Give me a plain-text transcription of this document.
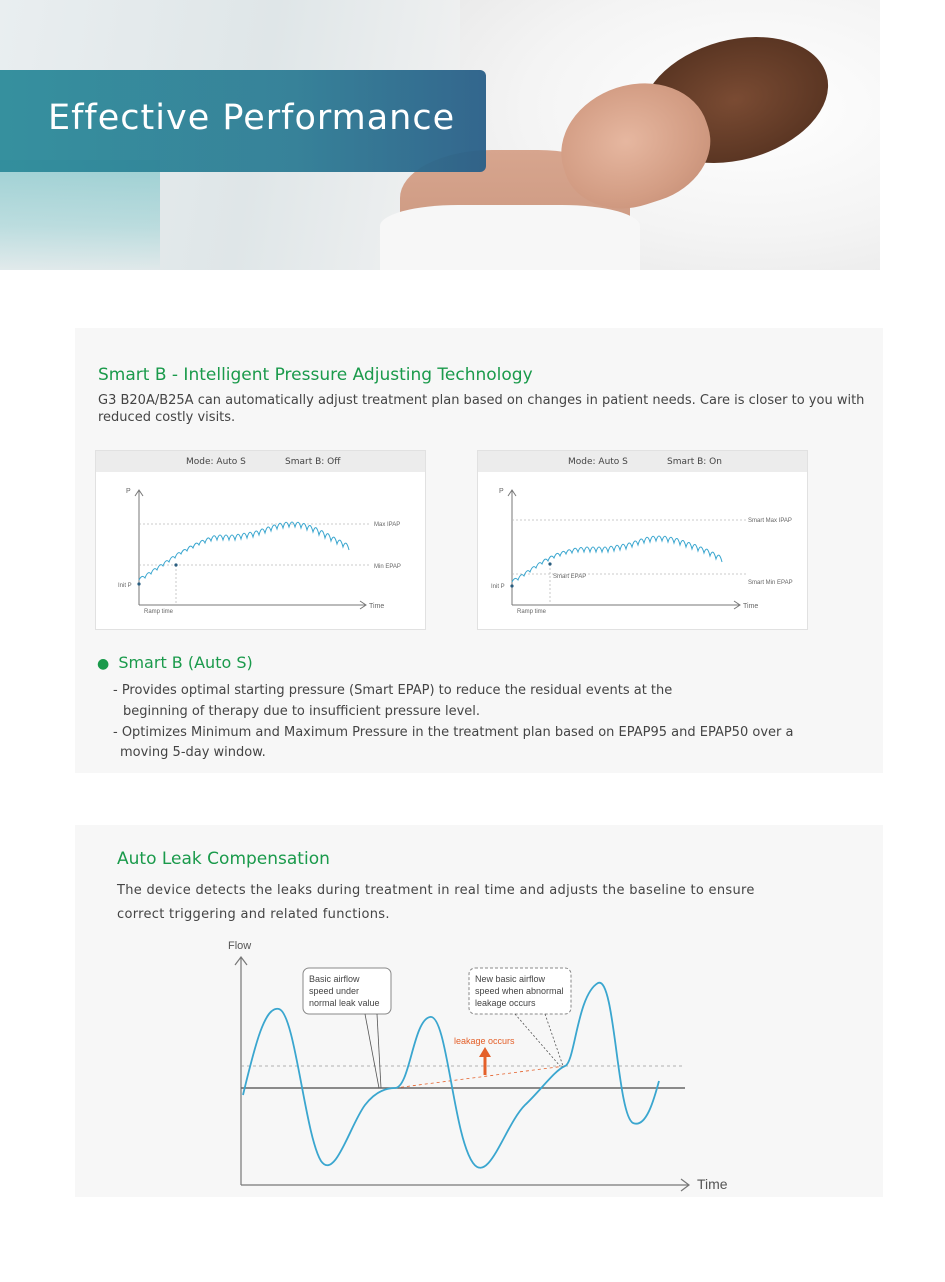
Effective Performance
Smart B - Intelligent Pressure Adjusting Technology
G3 B20A/B25A can automatically adjust treatment plan based on changes in patient needs. Care is closer to you with
reduced costly visits.
Mode: Auto S	Smart B: Off
P
Time
Max IPAP
Min EPAP
Init P
Ramp time
Mode: Auto S	Smart B: On
P
Time
Smart Max IPAP
Smart Min EPAP
Smart EPAP
Init P
Ramp time
● Smart B (Auto S)
- Provides optimal starting pressure (Smart EPAP) to reduce the residual events at the
beginning of therapy due to insufficient pressure level.
- Optimizes Minimum and Maximum Pressure in the treatment plan based on EPAP95 and EPAP50 over a
moving 5-day window.
Auto Leak Compensation
The device detects the leaks during treatment in real time and adjusts the baseline to ensure
correct triggering and related functions.
Flow
Time
Basic airflow
speed under
normal leak value
New basic airflow
speed when abnormal
leakage occurs
leakage occurs
